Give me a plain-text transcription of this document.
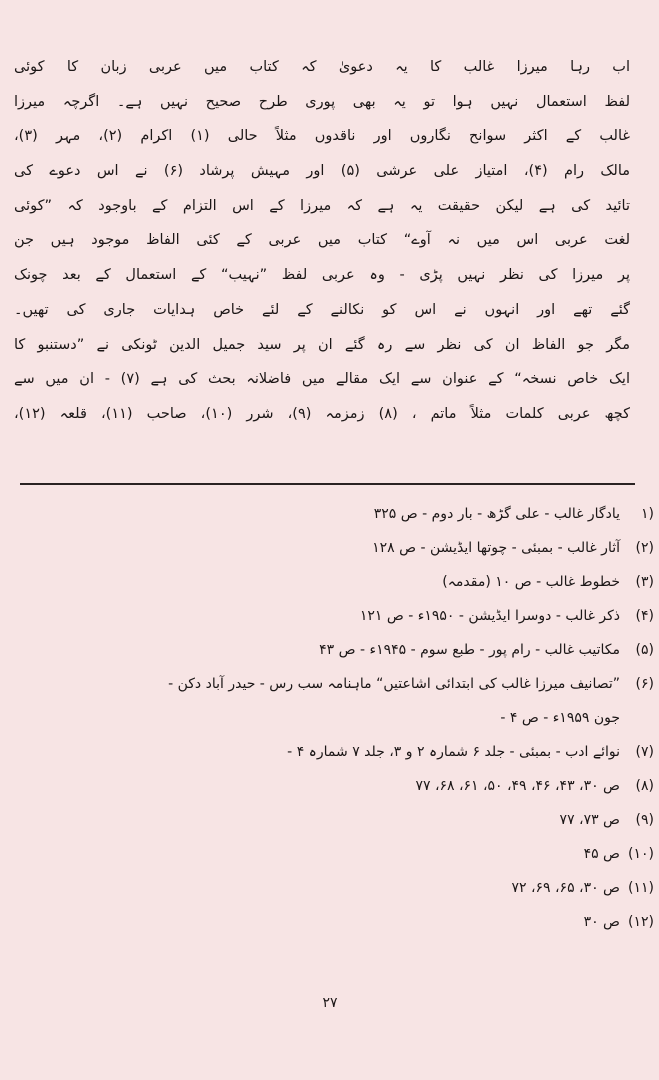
اب رہا میرزا غالب کا یہ دعویٰ کہ کتاب میں عربی زبان کا کوئی
لفظ استعمال نہیں ہوا تو یہ بھی پوری طرح صحیح نہیں ہے۔ اگرچہ میرزا
غالب کے اکثر سوانح نگاروں اور ناقدوں مثلاً حالی (۱) اکرام (۲)، مہر (۳)،
مالک رام (۴)، امتیاز علی عرشی (۵) اور مہیش پرشاد (۶) نے اس دعوے کی
تائید کی ہے لیکن حقیقت یہ ہے کہ میرزا کے اس التزام کے باوجود کہ ”کوئی
لغت عربی اس میں نہ آوے“ کتاب میں عربی کے کئی الفاظ موجود ہیں جن
پر میرزا کی نظر نہیں پڑی - وہ عربی لفظ ”نہیب“ کے استعمال کے بعد چونک
گئے تھے اور انہوں نے اس کو نکالنے کے لئے خاص ہدایات جاری کی تھیں۔
مگر جو الفاظ ان کی نظر سے رہ گئے ان پر سید جمیل الدین ٹونکی نے ”دستنبو کا
ایک خاص نسخہ“ کے عنوان سے ایک مقالے میں فاضلانہ بحث کی ہے (۷) - ان میں سے
کچھ عربی کلمات مثلاً ماتم ، (۸) زمزمہ (۹)، شرر (۱۰)، صاحب (۱۱)، قلعہ (۱۲)،
(۱
یادگار غالب - علی گڑھ - بار دوم - ص ۳۲۵
(۲)
آثار غالب - بمبئی - چوتھا ایڈیشن - ص ۱۲۸
(۳)
خطوط غالب - ص ۱۰ (مقدمہ)
(۴)
ذکر غالب - دوسرا ایڈیشن - ۱۹۵۰ء - ص ۱۲۱
(۵)
مکاتیب غالب - رام پور - طبع سوم - ۱۹۴۵ء - ص ۴۳
(۶)
”تصانیف میرزا غالب کی ابتدائی اشاعتیں“ ماہنامہ سب رس - حیدر آباد دکن -
جون ۱۹۵۹ء - ص ۴ -
(۷)
نوائے ادب - بمبئی - جلد ۶ شمارہ ۲ و ۳، جلد ۷ شمارہ ۴ -
(۸)
ص ۳۰، ۴۳، ۴۶، ۴۹، ۵۰، ۶۱، ۶۸، ۷۷
(۹)
ص ۷۳، ۷۷
(۱۰)
ص ۴۵
(۱۱)
ص ۳۰، ۶۵، ۶۹، ۷۲
(۱۲)
ص ۳۰
۲۷
